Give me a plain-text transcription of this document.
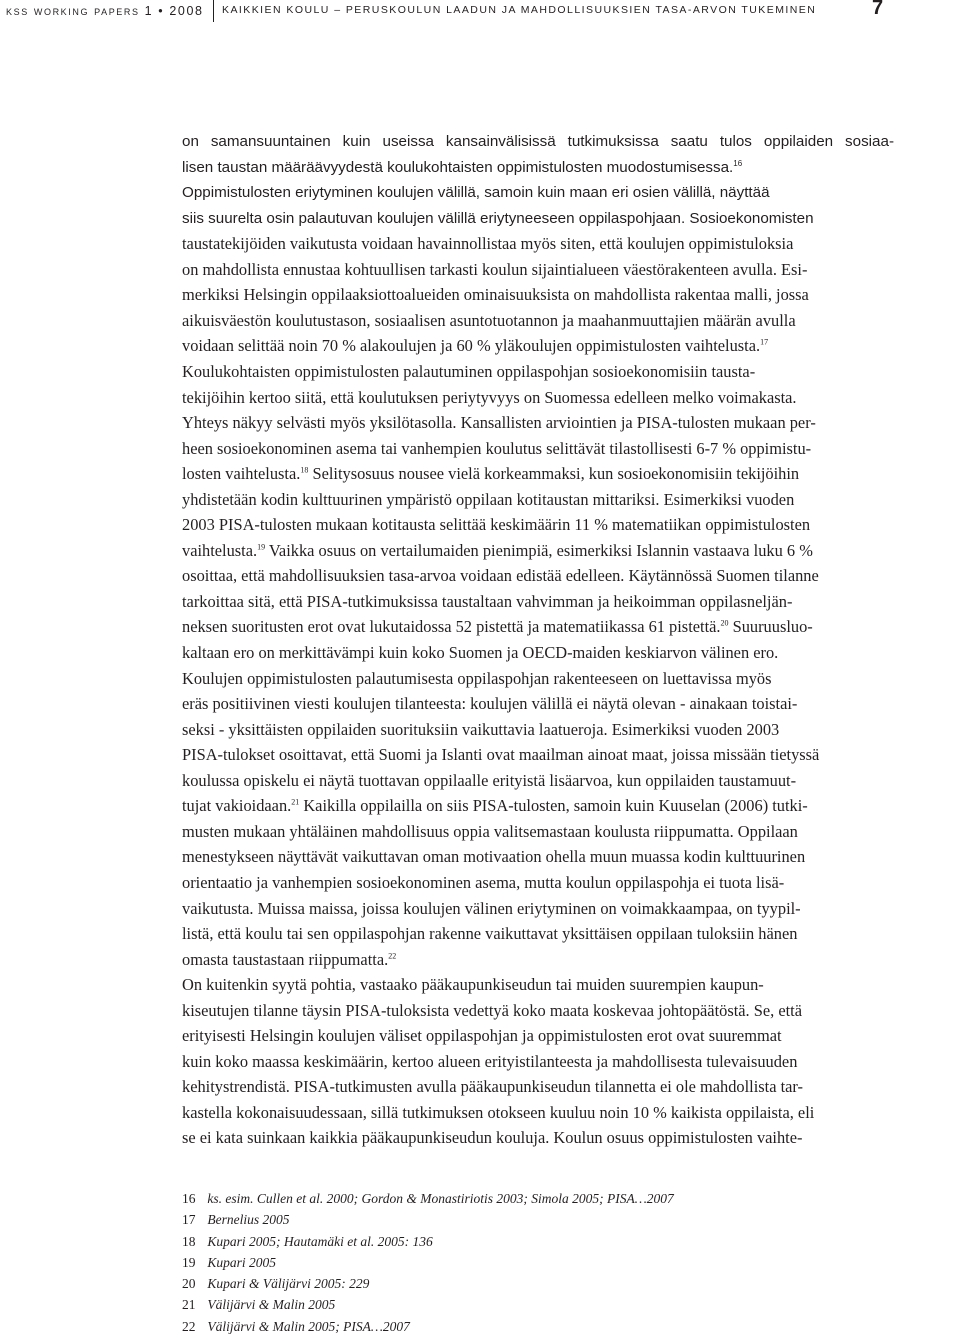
kss working papers 1 • 2008 KAIKKIEN KOULU – PERUSKOULUN LAADUN JA MAHDOLLISUUKSIEN TASA-ARVON TUKEMINEN	7
on samansuuntainen kuin useissa kansainvälisissä tutkimuksissa saatu tulos oppilaiden sosiaa-
lisen taustan määräävyydestä koulukohtaisten oppimistulosten muodostumisessa.$^{16}$
Oppimistulosten eriytyminen koulujen välillä, samoin kuin maan eri osien välillä, näyttää
siis suurelta osin palautuvan koulujen välillä eriytyneeseen oppilaspohjaan. Sosioekonomisten
taustatekijöiden vaikutusta voidaan havainnollistaa myös siten, että koulujen oppimistuloksia
on mahdollista ennustaa kohtuullisen tarkasti koulun sijaintialueen väestörakenteen avulla. Esi-
merkiksi Helsingin oppilaaksiottoalueiden ominaisuuksista on mahdollista rakentaa malli, jossa
aikuisväestön koulutustason, sosiaalisen asuntotuotannon ja maahanmuuttajien määrän avulla
voidaan selittää noin 70 % alakoulujen ja 60 % yläkoulujen oppimistulosten vaihtelusta.$^{17}$
Koulukohtaisten oppimistulosten palautuminen oppilaspohjan sosioekonomisiin tausta-
tekijöihin kertoo siitä, että koulutuksen periytyvyys on Suomessa edelleen melko voimakasta.
Yhteys näkyy selvästi myös yksilötasolla. Kansallisten arviointien ja PISA-tulosten mukaan per-
heen sosioekonominen asema tai vanhempien koulutus selittävät tilastollisesti 6-7 % oppimistu-
losten vaihtelusta.$^{18}$ Selitysosuus nousee vielä korkeammaksi, kun sosioekonomisiin tekijöihin
yhdistetään kodin kulttuurinen ympäristö oppilaan kotitaustan mittariksi. Esimerkiksi vuoden
2003 PISA-tulosten mukaan kotitausta selittää keskimäärin 11 % matematiikan oppimistulosten
vaihtelusta.$^{19}$ Vaikka osuus on vertailumaiden pienimpiä, esimerkiksi Islannin vastaava luku 6 %
osoittaa, että mahdollisuuksien tasa-arvoa voidaan edistää edelleen. Käytännössä Suomen tilanne
tarkoittaa sitä, että PISA-tutkimuksissa taustaltaan vahvimman ja heikoimman oppilasneljän-
neksen suoritusten erot ovat lukutaidossa 52 pistettä ja matematiikassa 61 pistettä.$^{20}$ Suuruusluo-
kaltaan ero on merkittävämpi kuin koko Suomen ja OECD-maiden keskiarvon välinen ero.
Koulujen oppimistulosten palautumisesta oppilaspohjan rakenteeseen on luettavissa myös
eräs positiivinen viesti koulujen tilanteesta: koulujen välillä ei näytä olevan - ainakaan toistai-
seksi - yksittäisten oppilaiden suorituksiin vaikuttavia laatueroja. Esimerkiksi vuoden 2003
PISA-tulokset osoittavat, että Suomi ja Islanti ovat maailman ainoat maat, joissa missään tietyssä
koulussa opiskelu ei näytä tuottavan oppilaalle erityistä lisäarvoa, kun oppilaiden taustamuut-
tujat vakioidaan.$^{21}$ Kaikilla oppilailla on siis PISA-tulosten, samoin kuin Kuuselan (2006) tutki-
musten mukaan yhtäläinen mahdollisuus oppia valitsemastaan koulusta riippumatta. Oppilaan
menestykseen näyttävät vaikuttavan oman motivaation ohella muun muassa kodin kulttuurinen
orientaatio ja vanhempien sosioekonominen asema, mutta koulun oppilaspohja ei tuota lisä-
vaikutusta. Muissa maissa, joissa koulujen välinen eriytyminen on voimakkaampaa, on tyypil-
listä, että koulu tai sen oppilaspohjan rakenne vaikuttavat yksittäisen oppilaan tuloksiin hänen
omasta taustastaan riippumatta.$^{22}$
On kuitenkin syytä pohtia, vastaako pääkaupunkiseudun tai muiden suurempien kaupun-
kiseutujen tilanne täysin PISA-tuloksista vedettyä koko maata koskevaa johtopäätöstä. Se, että
erityisesti Helsingin koulujen väliset oppilaspohjan ja oppimistulosten erot ovat suuremmat
kuin koko maassa keskimäärin, kertoo alueen erityistilanteesta ja mahdollisesta tulevaisuuden
kehitystrendistä. PISA-tutkimusten avulla pääkaupunkiseudun tilannetta ei ole mahdollista tar-
kastella kokonaisuudessaan, sillä tutkimuksen otokseen kuuluu noin 10 % kaikista oppilaista, eli
se ei kata suinkaan kaikkia pääkaupunkiseudun kouluja. Koulun osuus oppimistulosten vaihte-
16 ks. esim. Cullen et al. 2000; Gordon & Monastiriotis 2003; Simola 2005; PISA…2007
17 Bernelius 2005
18 Kupari 2005; Hautamäki et al. 2005: 136
19 Kupari 2005
20 Kupari & Välijärvi 2005: 229
21 Välijärvi & Malin 2005
22 Välijärvi & Malin 2005; PISA…2007
